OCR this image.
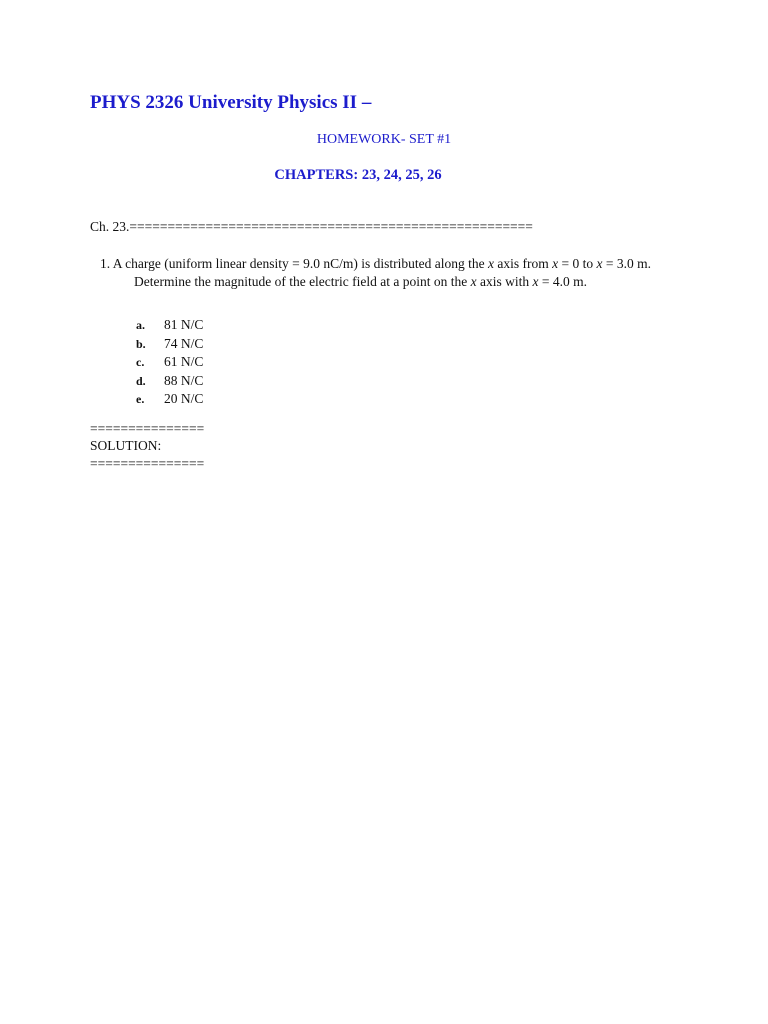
PHYS 2326 University Physics II –
HOMEWORK- SET #1
CHAPTERS: 23, 24, 25, 26
Ch. 23.=====================================================
1. A charge (uniform linear density = 9.0 nC/m) is distributed along the x axis from x = 0 to x = 3.0 m. Determine the magnitude of the electric field at a point on the x axis with x = 4.0 m.
a.	81 N/C
b.	74 N/C
c.	61 N/C
d.	88 N/C
e.	20 N/C
===============
SOLUTION:
===============
